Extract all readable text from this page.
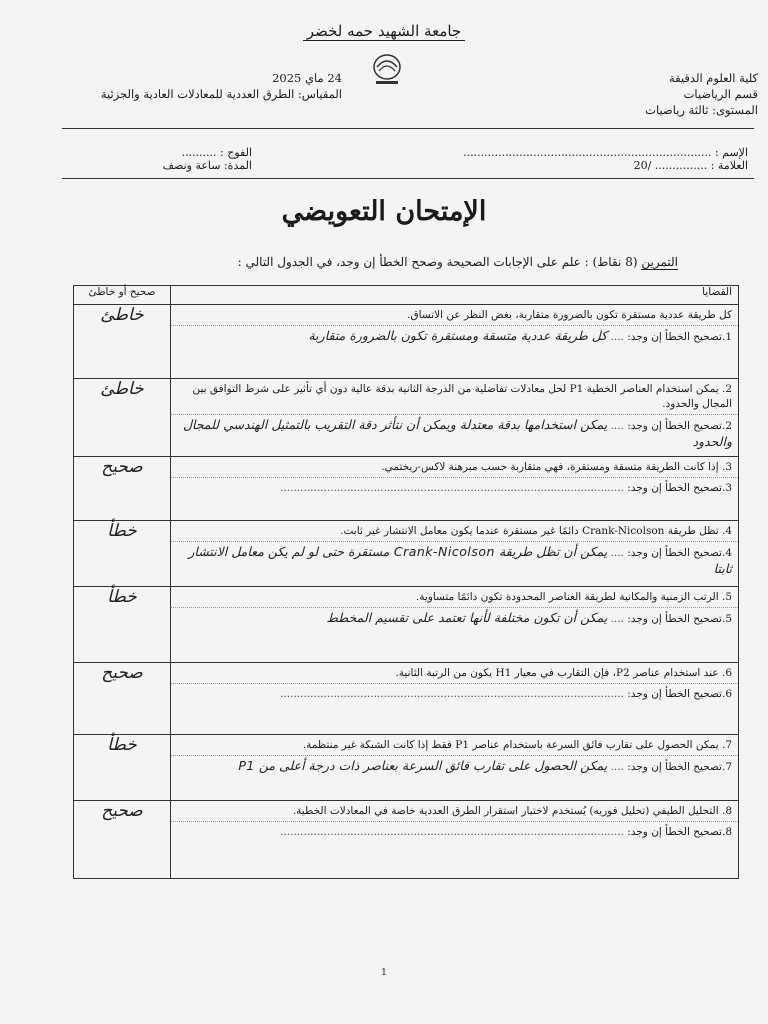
جامعة الشهيد حمه لخضر
كلية العلوم الدقيقة
قسم الرياضيات
المستوى: ثالثة رياضيات
24 ماي 2025
المقياس: الطرق العددية للمعادلات العادية والجزئية
الإسم : .......................................................................
العلامة : ............... /20
الفوج : ..........
المدة: ساعة ونصف
الإمتحان التعويضي
التمرين (8 نقاط) : علم على الإجابات الصحيحة وصحح الخطأ إن وجد، في الجدول التالي :
القضايا	صحيح أو خاطئ

كل طريقة عددية مستقرة تكون بالضرورة متقاربة، بغض النظر عن الاتساق.
1.تصحيح الخطأ إن وجد: .... كل طريقة عددية متسقة ومستقرة تكون بالضرورة متقاربة	خاطئ

2. يمكن استخدام العناصر الخطية P1 لحل معادلات تفاضلية من الدرجة الثانية بدقة عالية دون أي تأثير على شرط التوافق بين المجال والحدود.
2.تصحيح الخطأ إن وجد: .... يمكن استخدامها بدقة معتدلة ويمكن أن نتأثر دقة التقريب بالتمثيل الهندسي للمجال والحدود	خاطئ

3. إذا كانت الطريقة متسقة ومستقرة، فهي متقاربة حسب مبرهنة لاكس-ريختمي.
3.تصحيح الخطأ إن وجد: .......................................................................................................	صحيح

4. تظل طريقة Crank-Nicolson دائمًا غير مستقرة عندما يكون معامل الانتشار غير ثابت.
4.تصحيح الخطأ إن وجد: .... يمكن أن تظل طريقة Crank-Nicolson مستقرة حتى لو لم يكن معامل الانتشار ثابتا	خطأ

5. الرتب الزمنية والمكانية لطريقة العناصر المحدودة تكون دائمًا متساوية.
5.تصحيح الخطأ إن وجد: .... يمكن أن تكون مختلفة لأنها تعتمد على تقسيم المخطط	خطأ

6. عند استخدام عناصر P2، فإن التقارب في معيار H1 يكون من الرتبة الثانية.
6.تصحيح الخطأ إن وجد: .......................................................................................................	صحيح

7. يمكن الحصول على تقارب فائق السرعة باستخدام عناصر P1 فقط إذا كانت الشبكة غير منتظمة.
7.تصحيح الخطأ إن وجد: .... يمكن الحصول على تقارب فائق السرعة بعناصر ذات درجة أعلى من P1	خطأ

8. التحليل الطيفي (تحليل فوريه) يُستخدم لاختبار استقرار الطرق العددية خاصة في المعادلات الخطية.
8.تصحيح الخطأ إن وجد: .......................................................................................................	صحيح
1
